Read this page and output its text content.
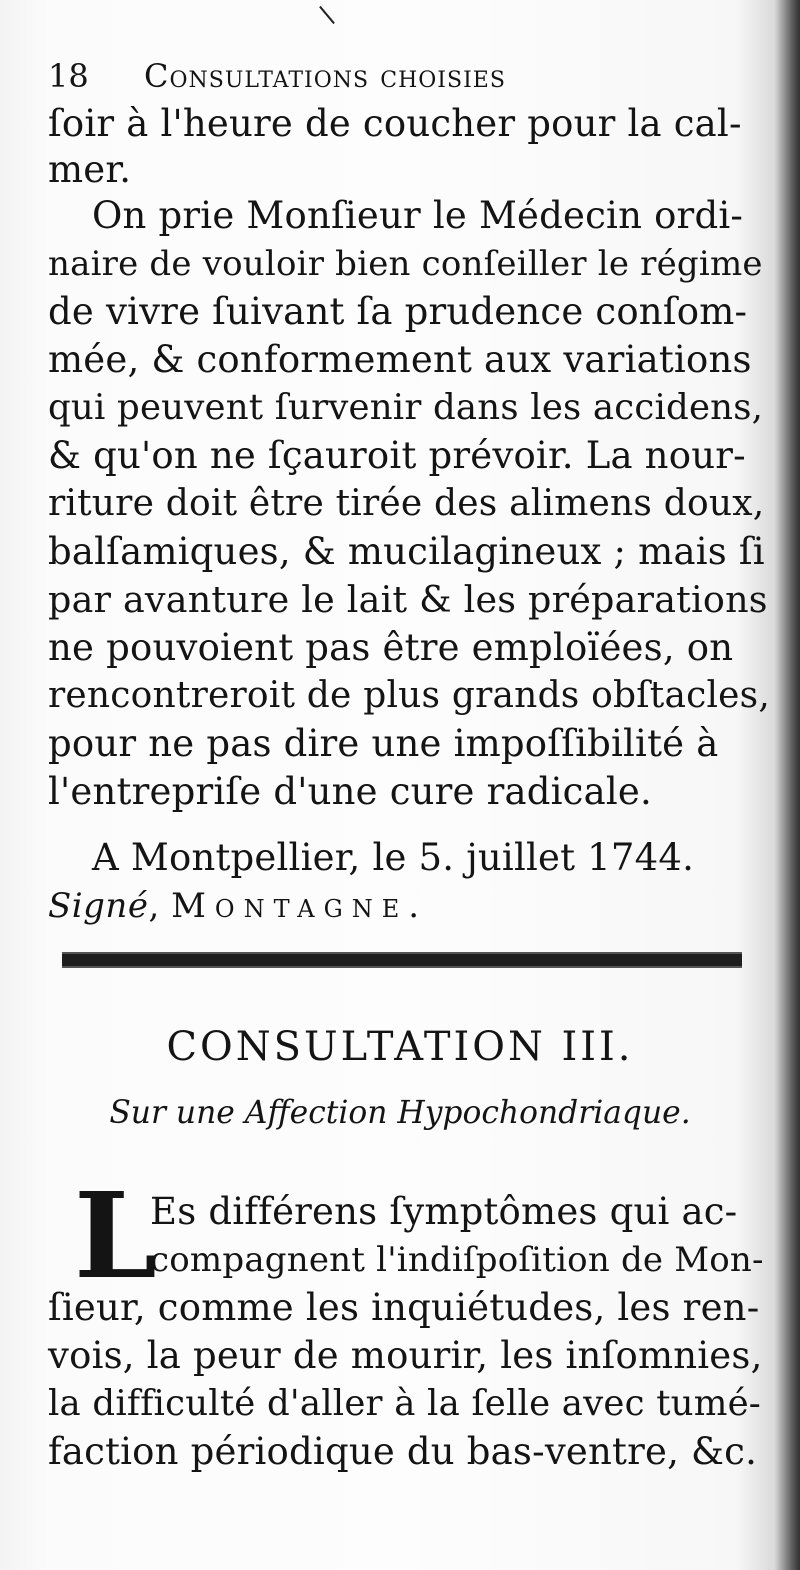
18 Consultations choisies
ſoir à l'heure de coucher pour la cal-
mer.
On prie Monſieur le Médecin ordi-
naire de vouloir bien conſeiller le régime
de vivre ſuivant ſa prudence conſom-
mée, & conformement aux variations
qui peuvent ſurvenir dans les accidens,
& qu'on ne ſçauroit prévoir. La nour-
riture doit être tirée des alimens doux,
balſamiques, & mucilagineux ; mais ſi
par avanture le lait & les préparations
ne pouvoient pas être emploïées, on
rencontreroit de plus grands obſtacles,
pour ne pas dire une impoſſibilité à
l'entrepriſe d'une cure radicale.
A Montpellier, le 5. juillet 1744.
Signé, Montagne.
CONSULTATION III.
Sur une Affection Hypochondriaque.
L
Es différens ſymptômes qui ac-
compagnent l'indiſpoſition de Mon-
ſieur, comme les inquiétudes, les ren-
vois, la peur de mourir, les inſomnies,
la difficulté d'aller à la ſelle avec tumé-
faction périodique du bas-ventre, &c.
